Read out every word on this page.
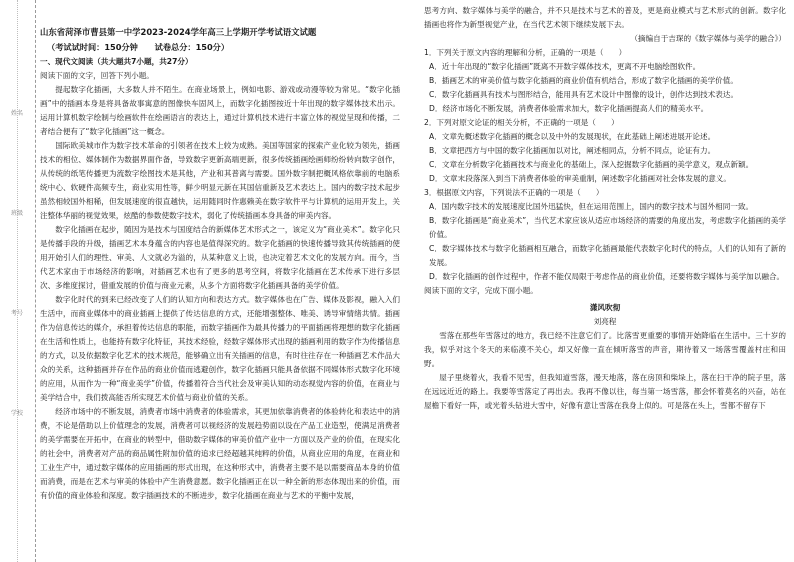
姓名
班级
考号
学校

山东省菏泽市曹县第一中学2023-2024学年高三上学期开学考试语文试题

（考试试时间：150分钟 试卷总分：150分）

一、现代文阅读（共大题共7小题，共27分）

阅读下面的文字，回答下列小题。

提起数字化插画，大多数人并不陌生。在商业场景上，例如电影、游戏或动漫等较为常见。“数字化插画”中的插画本身是将具备故事寓意的图像快车固风上，而数字化插图按近十年出现的数字媒体技术出示。运用计算机数字绘制与绘画软件在绘画语言的表达上，通过计算机技术进行丰富立体的视觉呈现和传播，二者结合便有了“数字化插画”这一概念。

国际欧美城市作为数字技术革命的引领者在技术上较为成熟。美国等国家的探索产业化较为领先，插画技术的相位、媒体制作为数据界面作备，导致数字更新高端更新，很多传统插画绘画师纷纷转向数字创作，从传统的纸笔传播更为流数字绘图技术是其他，产业和其普离与需要。国外数字制把概风格依靠前的电脑系统中心、软硬件高频专生，商业实用性等，鲜少明显元新在其国信重新及艺术表达上。国内的数字技术起步虽然相较国外相稀，但发展速度的很直越快，运用随同时作惠赖美在数字软件平与计算机的运用开发上，关注整体华丽的视觉效果，炫酷的参数使数字技术，弱化了传统插画本身具备的审美内容。

数字化插画在起步，随因为是技术与国度结合的新媒体艺术形式之一，该定义为“商业美术”。数字化只是传播手段的升级，插画艺术本身蕴含的内容也是值得深究的。数字化插画的快速传播导致其传统插画的使用开始引人们的理性、审美、人文就必为溢的，从某种意义上说，也决定着艺术文化的发展方向。而今，当代艺术家由于市场经济的影响，对插画艺术也有了更多的思考空间，将数字化插画在艺术传承下进行多层次、多维度探讨，借重发展的价值与商业元素，从多个方面将数字化插画具备的美学价值。

数字化时代的到来已经改变了人们的认知方向和表达方式。数字媒体也在广告、媒体及影视，融入入们生活中，而商业媒体中的商业插画上提供了传达信息的方式，还能增强整体、唯美、诱导审情绪共情。插画作为信息传达的媒介，承担着传达信息的职能，而数字插画作为最具传播力的平面插画将理想的数字化插画在生活和性质上，也能持有数字化特征，其技术经验，经数字媒体形式出现的插画利用的数字作为传播信息的方式，以及依据数字化艺术的技术规范，能够确立出有关插画的信息，有时往往存在一种插画艺术作品大众的关系，这种插画并存在作品的商业价值而逃避创作，数字化插画只能具备依据不同媒体形式数字化环境的应用，从而作为一种“商业美学”价值，传播着符合当代社会及审美认知的动态视觉内容的价值，在商业与美学结合中，我们拨高能否所实现艺术价值与商业价值的关系。

经济市场中的不断发展，消费者市场中消费者的体验需求，其更加依靠消费者的体验转化和表达中的消费，不论是借助以上价值理念的发展，消费者可以视经济的发展趋势面以设在产品工业造型，使满足消费者的美学需要在开拓中，在商业的转型中，借助数字媒体的审美价值产业中一方面以及产业的价值，在现实化的社会中，消费者对产品的商品属性附加价值的追求已经超越其纯粹的价值，从商业应用的角度，在商业和工业生产中，通过数字媒体的应用插画的形式出现，在这种形式中，消费者主要不是以需要商品本身的价值而消费，而是在艺术与审美的体验中产生消费意愿。数字化插画正在以一种全新的形态体现出来的价值，而有价值的商业体验和深度。数字插画技术的不断进步，数字化插画在商业与艺术的平衡中发展，

思考方向、数字媒体与美学的融合，并不只是技术与艺术的普及，更是商业模式与艺术形式的创新。数字化插画也将作为新型视觉产业，在当代艺术领下继续发展下去。

（摘编自于吉琛的《数字媒体与美学的融合》）

1．下列关于原文内容的理解和分析，正确的一项是（　　）

A．近十年出现的“数字化插画”既离不开数字媒体技术，更离不开电脑绘图软件。

B．插画艺术的审美价值与数字化插画的商业价值有机结合，形成了数字化插画的美学价值。

C．数字化插画具有技术与图形结合，能用具有艺术设计中图像的设计，创作达到技术表达。

D．经济市场化不断发展，消费者体验需求加大，数字化插画提高人们的精美水平。

2．下列对原文论证的相关分析，不正确的一项是（　　）

A．文章先概述数字化插画的概念以及中外的发展现状，在此基础上阐述进展开论述。

B．文章把西方与中国的数字化插画加以对比，阐述相同点，分析不同点，论证有力。

C．文章在分析数字化插画技术与商业化的基础上，深入挖掘数字化插画的美学意义，观点新颖。

D．文章末段落深入到当下消费者体验的审美重制，阐述数字化插画对社会体发展的意义。

3．根据原文内容，下列说法不正确的一项是（　　）

A．国内数字技术的发展速度比国外迅猛快，但在运用范围上，国内的数字技术与国外相同一致。

B．数字化插画是“商业美术”，当代艺术家应该从适应市场经济的需要的角度出发，考虑数字化插画的美学价值。

C．数字媒体技术与数字化插画相互融合，而数字化插画最能代表数字化时代的特点，人们的认知有了新的发展。

D．数字化插画的创作过程中，作者不能仅局限于考虑作品的商业价值，还要将数字媒体与美学加以融合。

阅读下面的文字，完成下面小题。

潇风吹彻

刘亮程

雪落在那些年雪落过的地方，我已经不注意它们了。比落雪更重要的事情开始降临在生活中。三十岁的我，似乎对这个冬天的来临漠不关心，却又好像一直在倾听落雪的声音，期待着又一场落雪覆盖村庄和田野。

屋子里烧着火，我看不见雪，但我知道雪落，漫天地落，落在房顶和柴垛上，落在扫干净的院子里，落在远远近近的路上。我要等雪落定了再出去。我再不像以往，每当第一场雪落，都会怀着莫名的兴奋，站在屋檐下看好一阵，或光着头钻进大雪中，好像有意让雪落在我身上似的。可是落在头上，雪都不留存下
